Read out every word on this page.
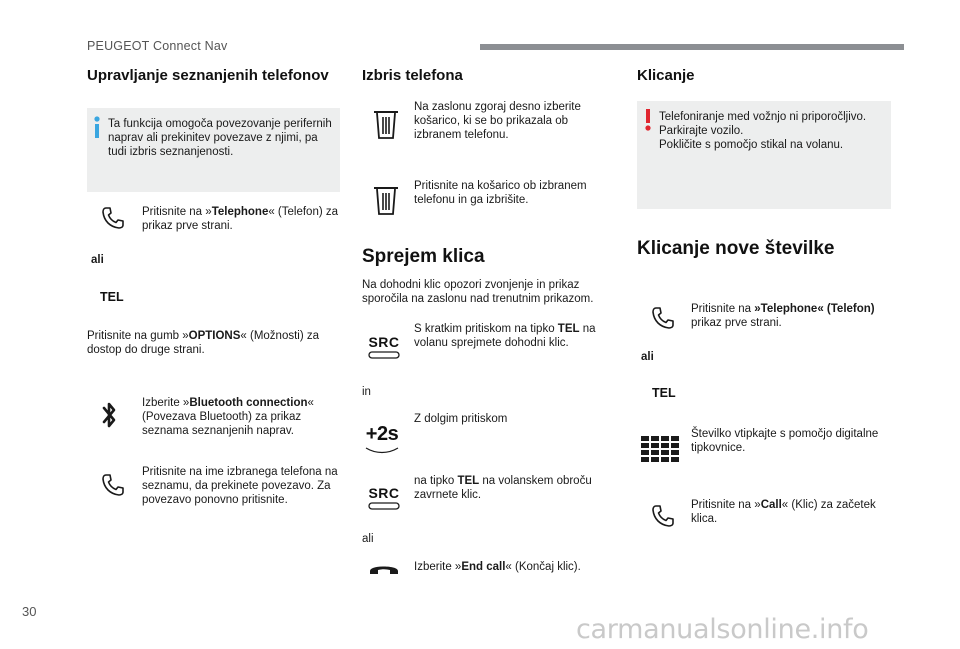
PEUGEOT Connect Nav
Upravljanje seznanjenih telefonov
Ta funkcija omogoča povezovanje perifernih naprav ali prekinitev povezave z njimi, pa tudi izbris seznanjenosti.
Pritisnite na »Telephone« (Telefon) za prikaz prve strani.
ali
TEL
Pritisnite na gumb »OPTIONS« (Možnosti) za dostop do druge strani.
Izberite »Bluetooth connection« (Povezava Bluetooth) za prikaz seznama seznanjenih naprav.
Pritisnite na ime izbranega telefona na seznamu, da prekinete povezavo. Za povezavo ponovno pritisnite.
Izbris telefona
Na zaslonu zgoraj desno izberite košarico, ki se bo prikazala ob izbranem telefonu.
Pritisnite na košarico ob izbranem telefonu in ga izbrišite.
Sprejem klica
Na dohodni klic opozori zvonjenje in prikaz sporočila na zaslonu nad trenutnim prikazom.
SRC
S kratkim pritiskom na tipko TEL na volanu sprejmete dohodni klic.
in
+2s
Z dolgim pritiskom
SRC
na tipko TEL na volanskem obroču zavrnete klic.
ali
Izberite »End call« (Končaj klic).
Klicanje
Telefoniranje med vožnjo ni priporočljivo.
Parkirajte vozilo.
Pokličite s pomočjo stikal na volanu.
Klicanje nove številke
Pritisnite na »Telephone« (Telefon) prikaz prve strani.
ali
TEL
Številko vtipkajte s pomočjo digitalne tipkovnice.
Pritisnite na »Call« (Klic) za začetek klica.
30
carmanualsonline.info
